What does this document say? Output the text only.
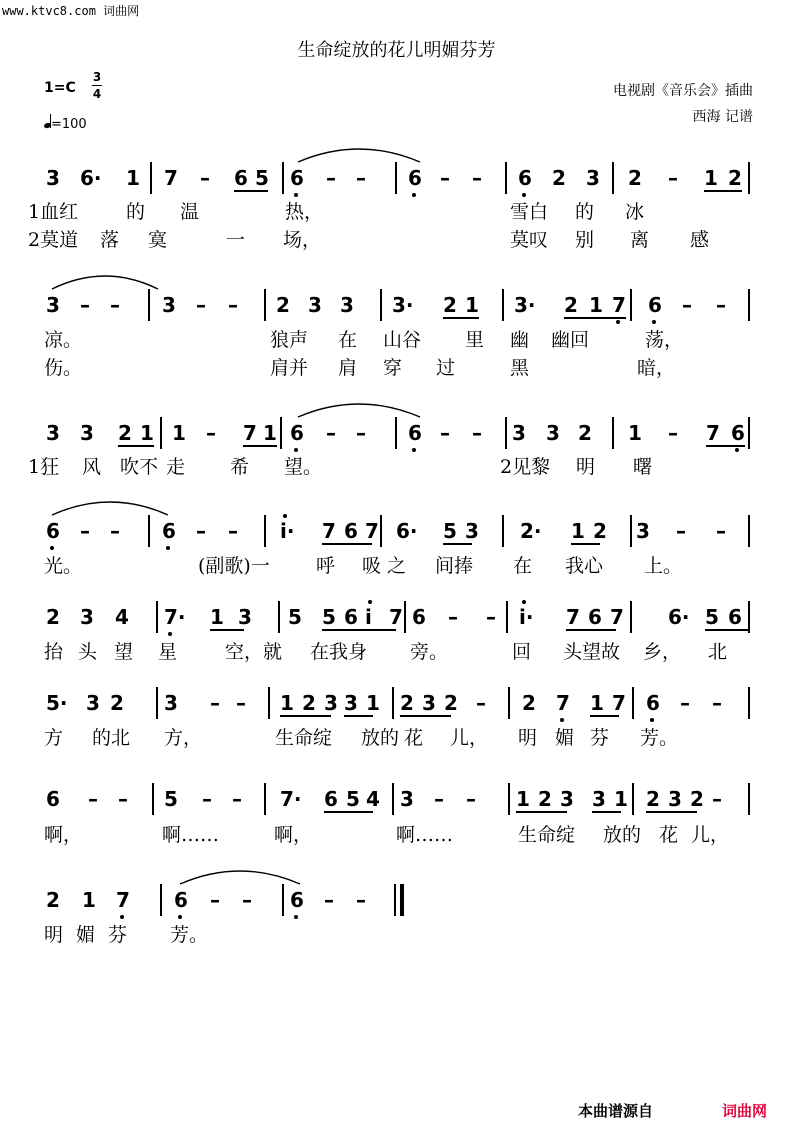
www.ktvc8.com 词曲网
生命绽放的花儿明媚芬芳
1=C
3
4
=100
电视剧《音乐会》插曲
西海 记谱
3 6· 1 7 – 6 5 6 – – 6 – – 6 2 3 2 – 1 2
1血红	的 温	热，	雪白 的 冰
2莫道 落 寞	一 场，	莫叹 别 离 感
3 – – 3 – – 2 3 3 3· 2 1 3· 2 1 7 6 – –
凉。	狼声 在 山谷 里 幽 幽回	荡，
伤。	肩并 肩 穿 过	黑	暗，
3 3 2 1 1 – 7 1 6 – – 6 – – 3 3 2 1 – 7 6
1狂 风 吹不 走 希 望。	2见黎 明 曙
6 – – 6 – – i· 7 6 7 6· 5 3 2· 1 2 3 – –
光。	(副歌)一 呼 吸 之 间捧 在 我心 上。
2 3 4 7· 1 3 5 5 6 i 7 6 – – i· 7 6 7 6· 5 6
抬 头 望 星	空，就 在我身 旁。	回 头望故 乡， 北
5· 3 2 3 – – 1 2 3 3 1 2 3 2 – 2 7 1 7 6 – –
方 的北 方，	生命绽 放的 花 儿， 明 媚 芬 芳。
6 – – 5 – – 7· 6 5 4 3 – – 1 2 3 3 1 2 3 2 –
啊，	啊……	啊，	啊……	生命绽 放的 花 儿，
2 1 7 6 – – 6 – –
明 媚 芬 芳。
本曲谱源自	词曲网
